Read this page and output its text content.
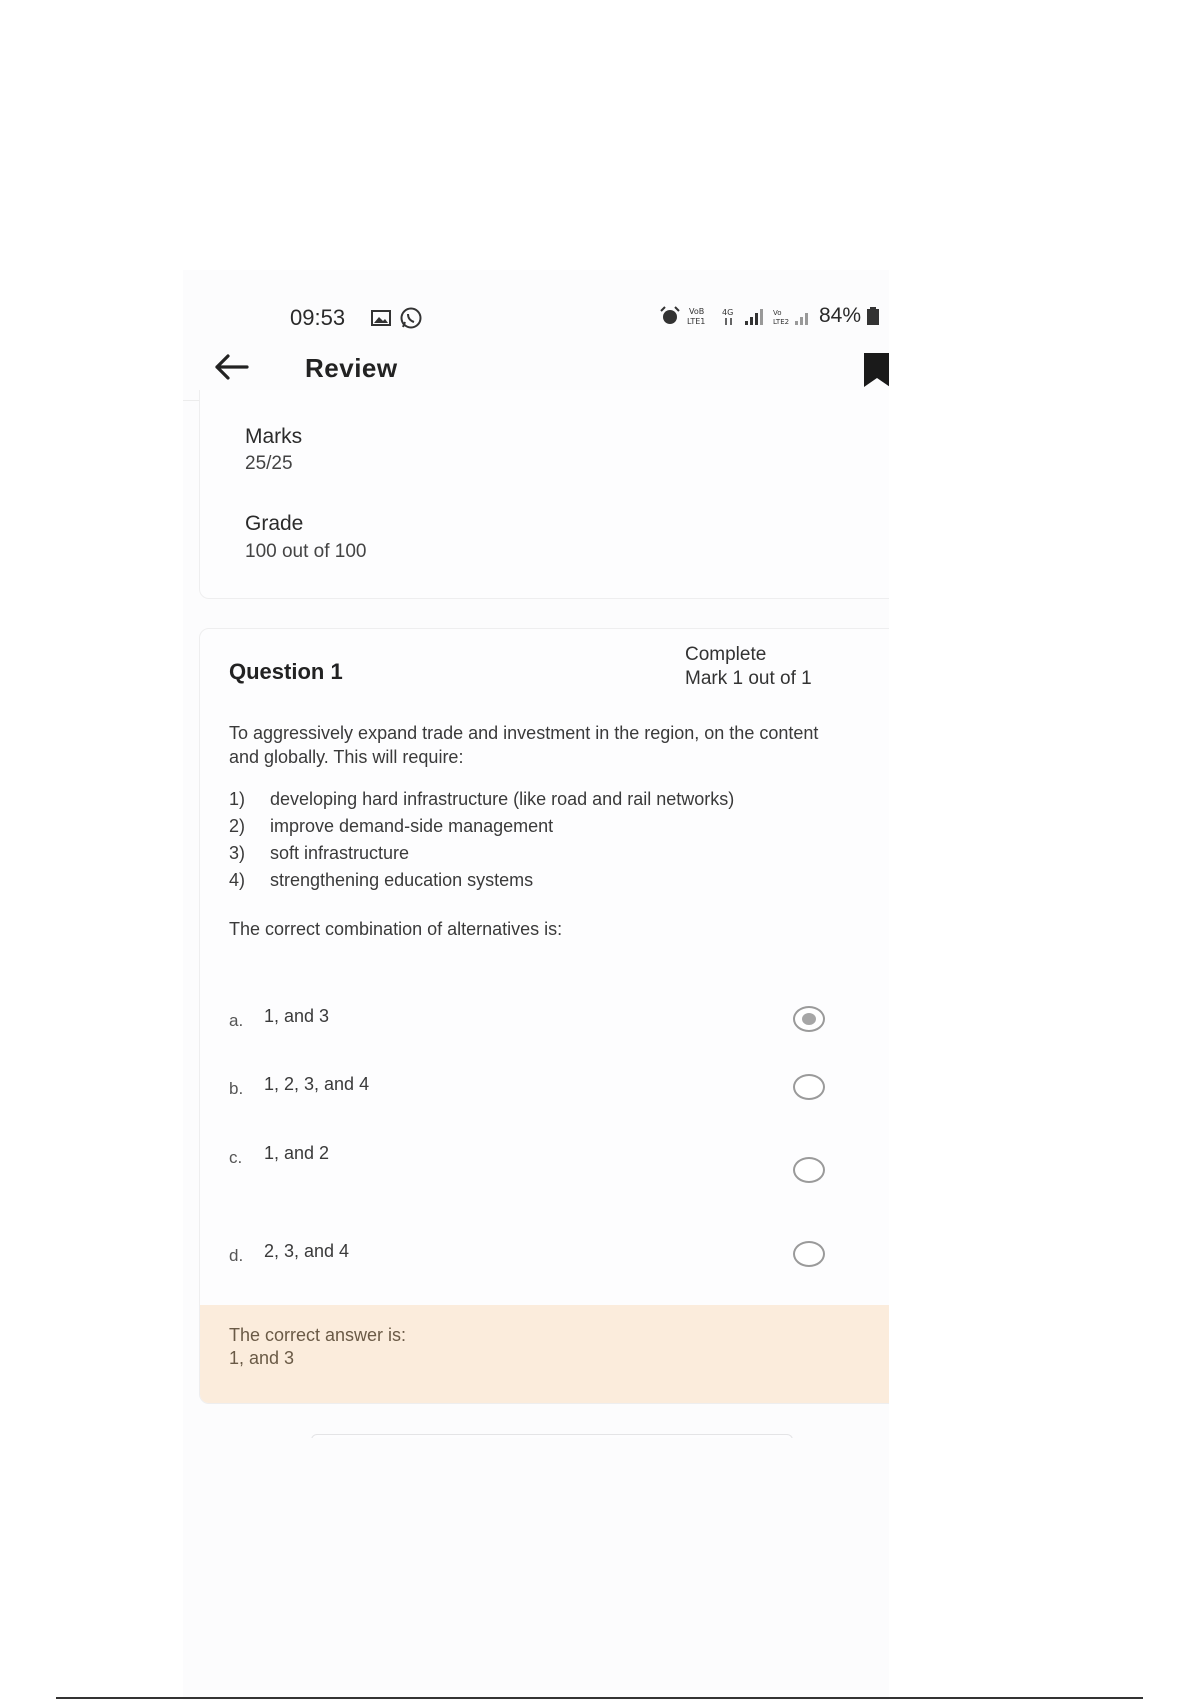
09:53	VoB
LTE1
4G	Vo
LTE2 84%
Review
Marks
25/25
Grade
100 out of 100
Question 1
Complete
Mark 1 out of 1
To aggressively expand trade and investment in the region, on the content and globally. This will require:
1) developing hard infrastructure (like road and rail networks)
2) improve demand-side management
3) soft infrastructure
4) strengthening education systems
The correct combination of alternatives is:
a. 1, and 3
b. 1, 2, 3, and 4
c. 1, and 2
d. 2, 3, and 4
The correct answer is:
1, and 3
